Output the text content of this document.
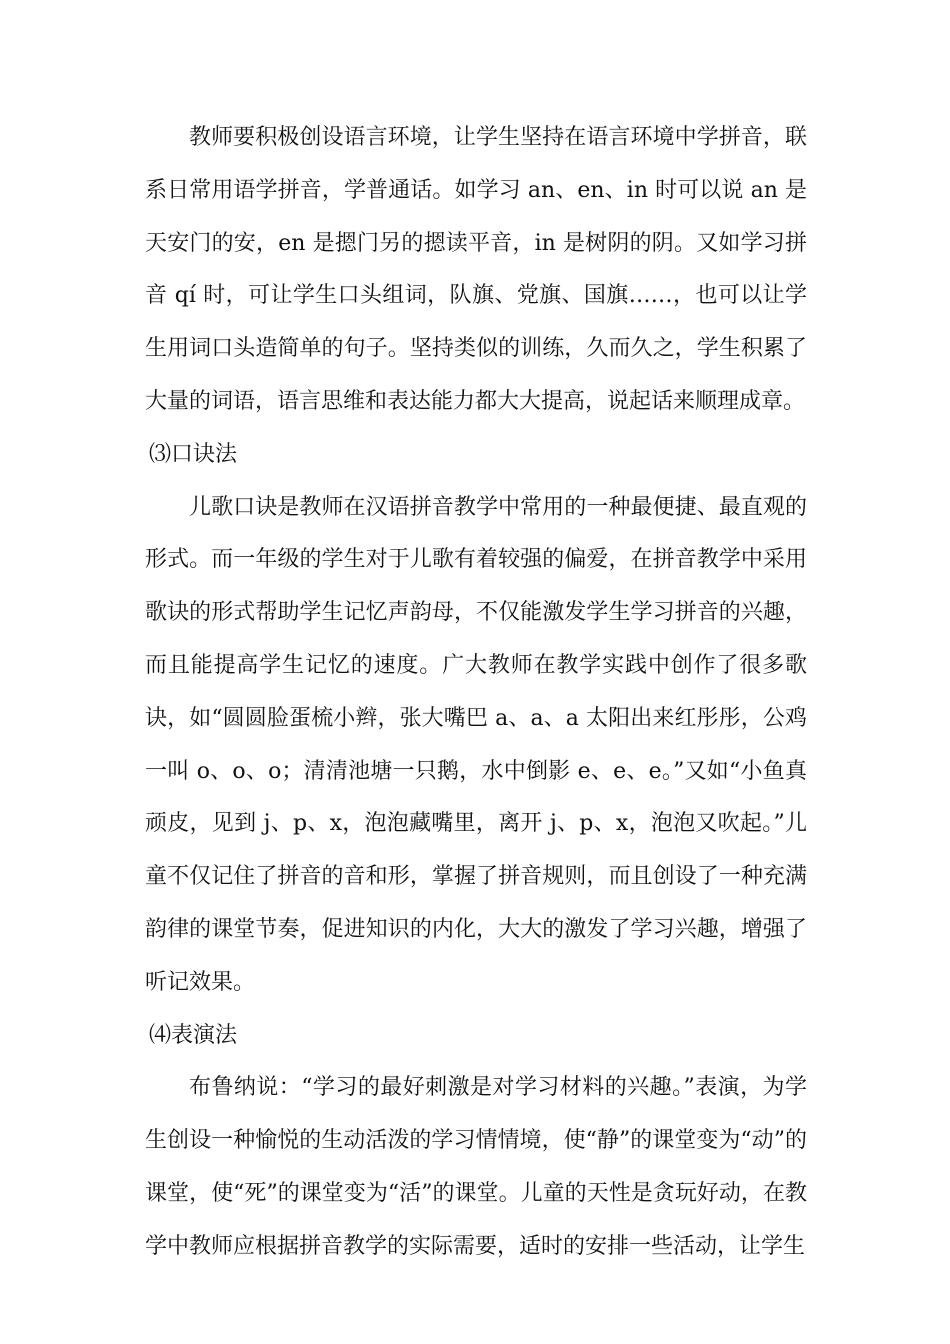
教师要积极创设语言环境，让学生坚持在语言环境中学拼音，联系日常用语学拼音，学普通话。如学习 an、en、in 时可以说 an 是天安门的安，en 是摁门另的摁读平音，in 是树阴的阴。又如学习拼音 qí 时，可让学生口头组词，队旗、党旗、国旗……，也可以让学生用词口头造简单的句子。坚持类似的训练，久而久之，学生积累了大量的词语，语言思维和表达能力都大大提高，说起话来顺理成章。

⑶口诀法

儿歌口诀是教师在汉语拼音教学中常用的一种最便捷、最直观的形式。而一年级的学生对于儿歌有着较强的偏爱，在拼音教学中采用歌诀的形式帮助学生记忆声韵母，不仅能激发学生学习拼音的兴趣，而且能提高学生记忆的速度。广大教师在教学实践中创作了很多歌诀，如“圆圆脸蛋梳小辫，张大嘴巴 a、a、a 太阳出来红彤彤，公鸡一叫 o、o、o；清清池塘一只鹅，水中倒影 e、e、e。”又如“小鱼真顽皮，见到 j、p、x，泡泡藏嘴里，离开 j、p、x，泡泡又吹起。”儿童不仅记住了拼音的音和形，掌握了拼音规则，而且创设了一种充满韵律的课堂节奏，促进知识的内化，大大的激发了学习兴趣，增强了听记效果。

⑷表演法

布鲁纳说：“学习的最好刺激是对学习材料的兴趣。”表演，为学生创设一种愉悦的生动活泼的学习情情境，使“静”的课堂变为“动”的课堂，使“死”的课堂变为“活”的课堂。儿童的天性是贪玩好动，在教学中教师应根据拼音教学的实际需要，适时的安排一些活动，让学生
